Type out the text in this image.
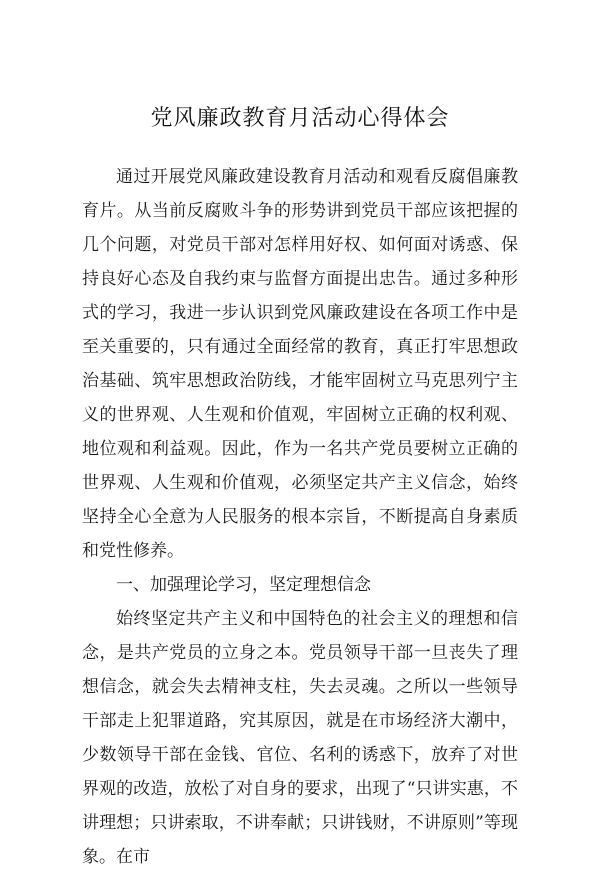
党风廉政教育月活动心得体会

通过开展党风廉政建设教育月活动和观看反腐倡廉教育片。从当前反腐败斗争的形势讲到党员干部应该把握的几个问题，对党员干部对怎样用好权、如何面对诱惑、保持良好心态及自我约束与监督方面提出忠告。通过多种形式的学习，我进一步认识到党风廉政建设在各项工作中是至关重要的，只有通过全面经常的教育，真正打牢思想政治基础、筑牢思想政治防线，才能牢固树立马克思列宁主义的世界观、人生观和价值观，牢固树立正确的权利观、地位观和利益观。因此，作为一名共产党员要树立正确的世界观、人生观和价值观，必须坚定共产主义信念，始终坚持全心全意为人民服务的根本宗旨，不断提高自身素质和党性修养。

一、加强理论学习，坚定理想信念

始终坚定共产主义和中国特色的社会主义的理想和信念，是共产党员的立身之本。党员领导干部一旦丧失了理想信念，就会失去精神支柱，失去灵魂。之所以一些领导干部走上犯罪道路，究其原因，就是在市场经济大潮中，少数领导干部在金钱、官位、名利的诱惑下，放弃了对世界观的改造，放松了对自身的要求，出现了“只讲实惠，不讲理想；只讲索取，不讲奉献；只讲钱财，不讲原则”等现象。在市
